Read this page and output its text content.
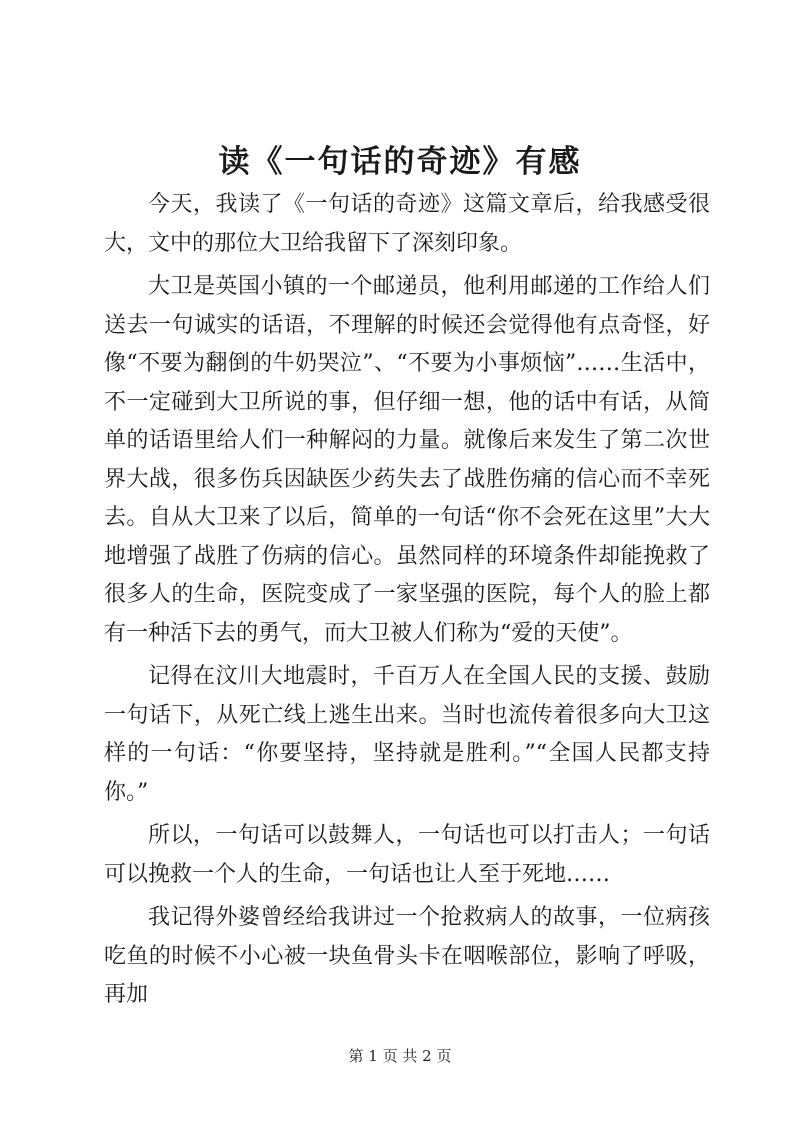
读《一句话的奇迹》有感

今天，我读了《一句话的奇迹》这篇文章后，给我感受很大，文中的那位大卫给我留下了深刻印象。

大卫是英国小镇的一个邮递员，他利用邮递的工作给人们送去一句诚实的话语，不理解的时候还会觉得他有点奇怪，好像“不要为翻倒的牛奶哭泣”、“不要为小事烦恼”……生活中，不一定碰到大卫所说的事，但仔细一想，他的话中有话，从简单的话语里给人们一种解闷的力量。就像后来发生了第二次世界大战，很多伤兵因缺医少药失去了战胜伤痛的信心而不幸死去。自从大卫来了以后，简单的一句话“你不会死在这里”大大地增强了战胜了伤病的信心。虽然同样的环境条件却能挽救了很多人的生命，医院变成了一家坚强的医院，每个人的脸上都有一种活下去的勇气，而大卫被人们称为“爱的天使”。

记得在汶川大地震时，千百万人在全国人民的支援、鼓励一句话下，从死亡线上逃生出来。当时也流传着很多向大卫这样的一句话：“你要坚持，坚持就是胜利。”“全国人民都支持你。”

所以，一句话可以鼓舞人，一句话也可以打击人；一句话可以挽救一个人的生命，一句话也让人至于死地……

我记得外婆曾经给我讲过一个抢救病人的故事，一位病孩吃鱼的时候不小心被一块鱼骨头卡在咽喉部位，影响了呼吸，再加

第 1 页 共 2 页
